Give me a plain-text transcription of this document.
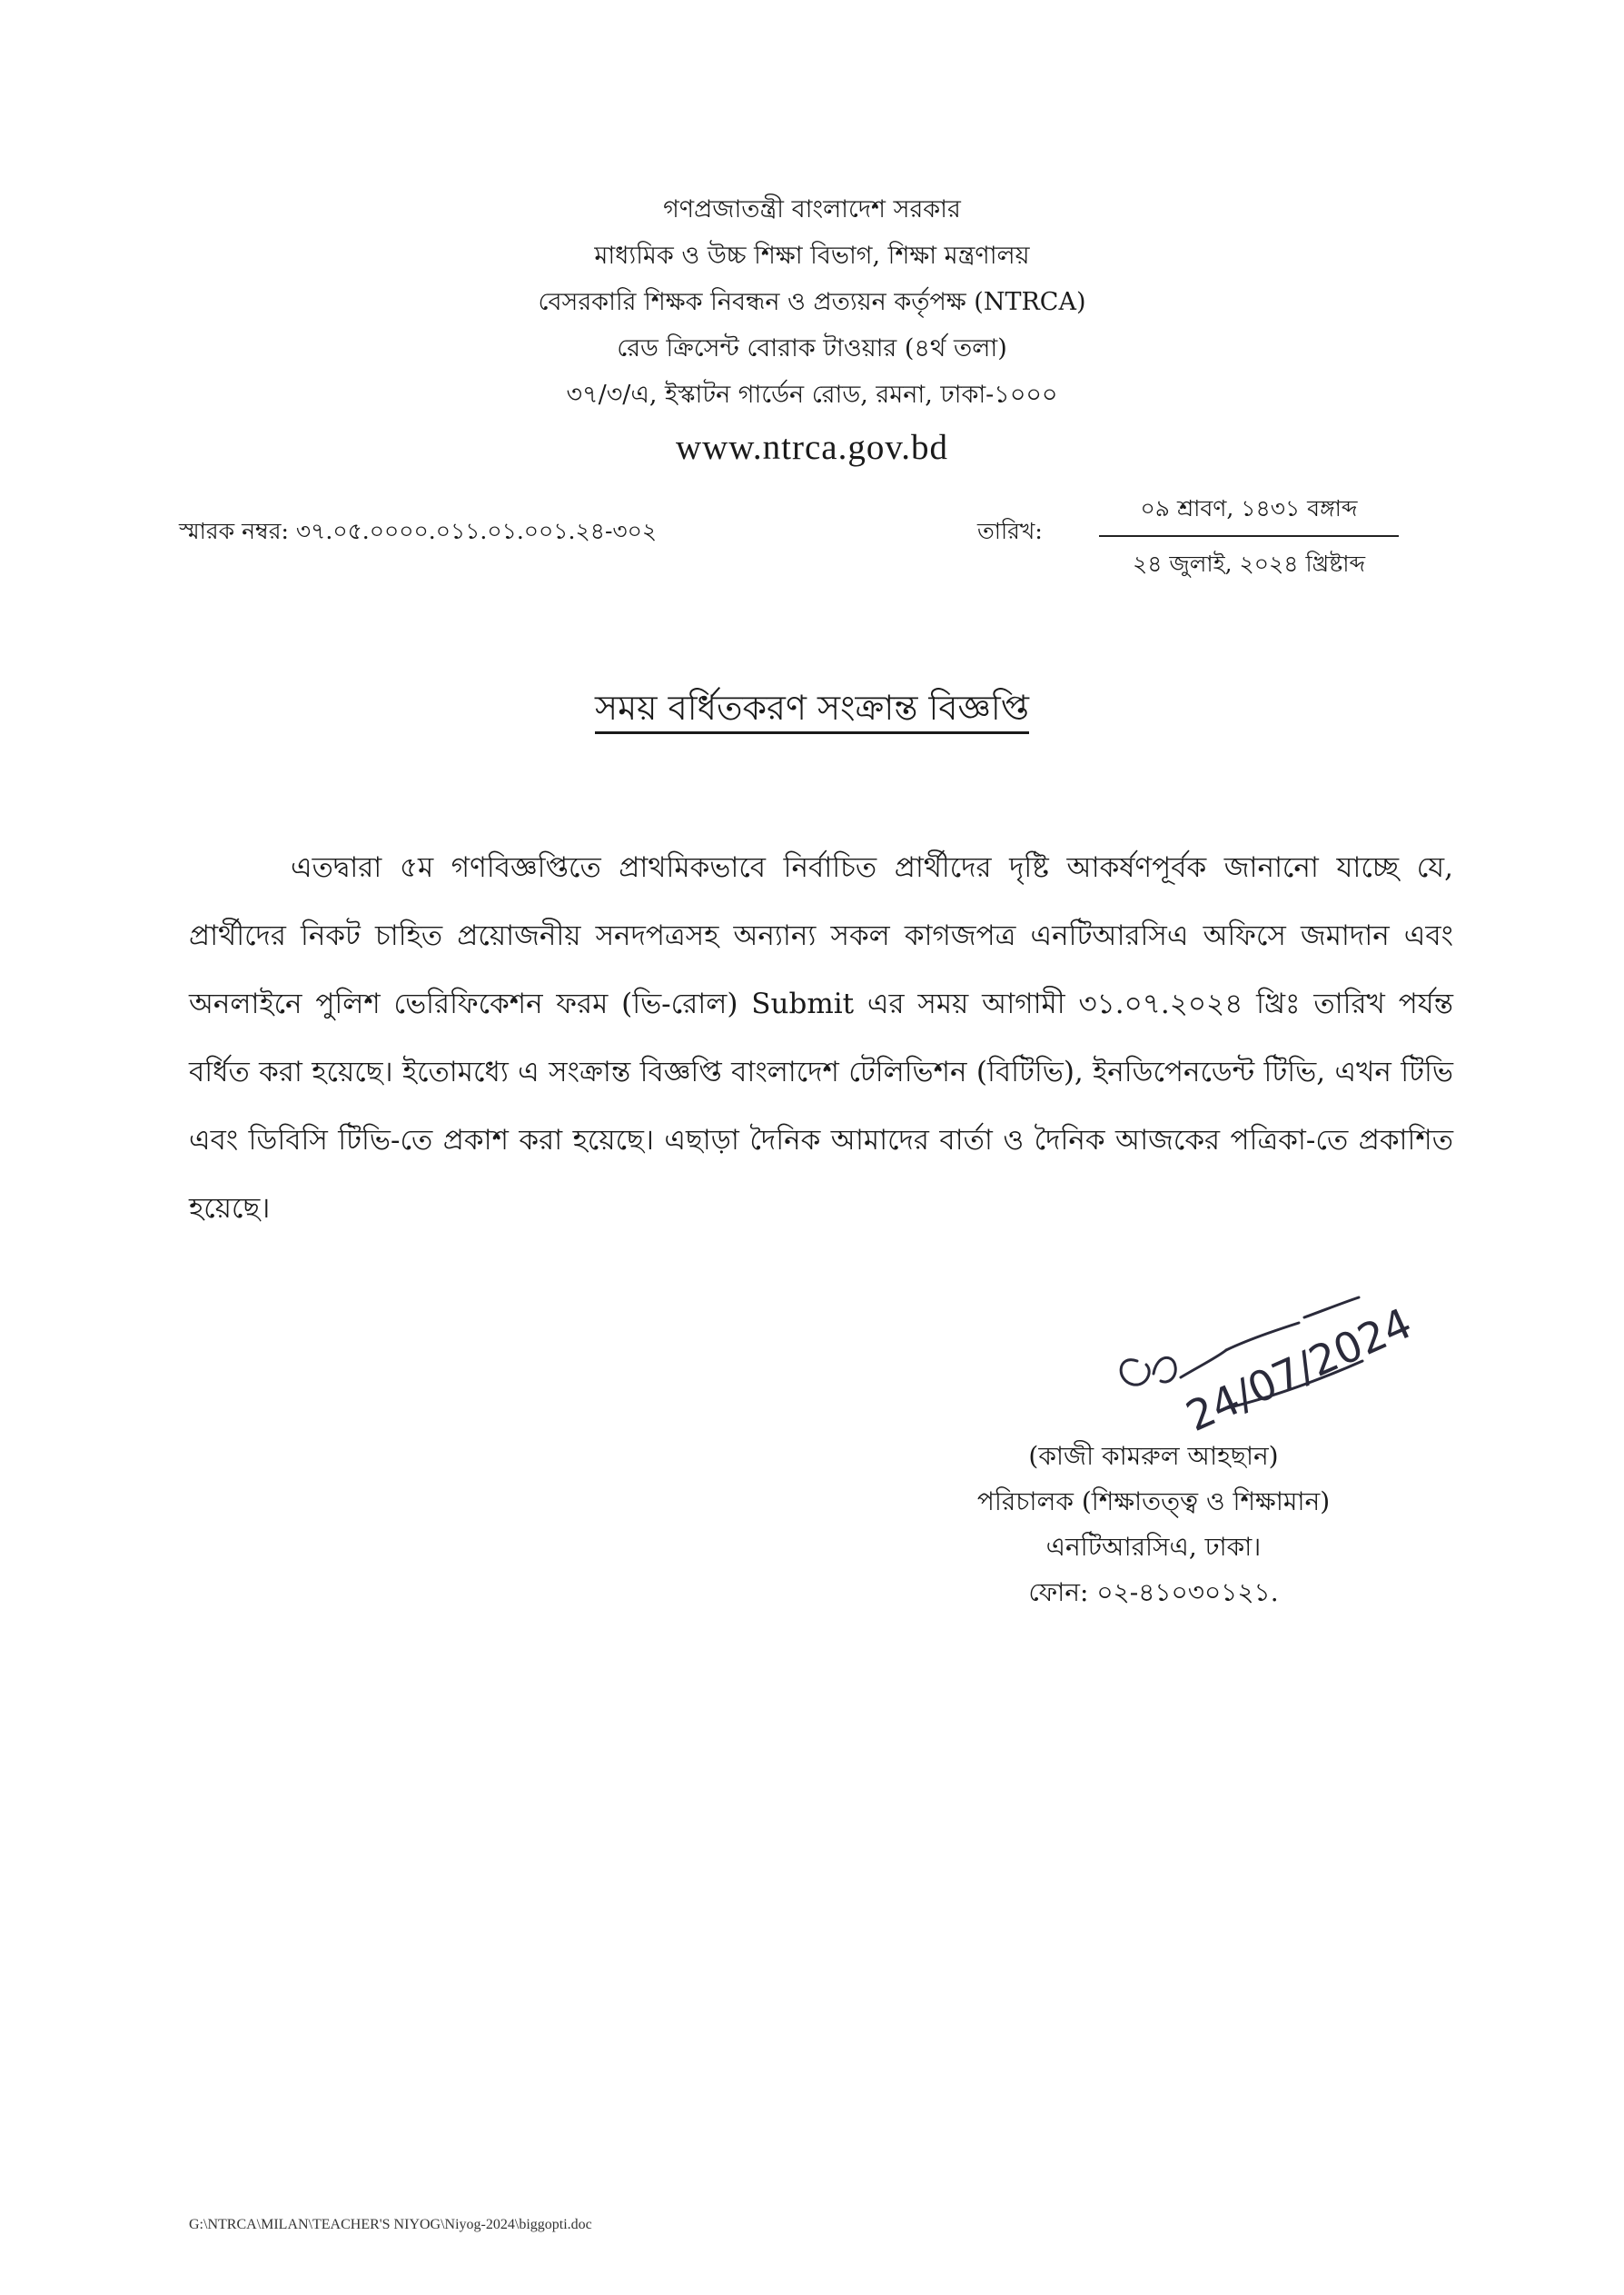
গণপ্রজাতন্ত্রী বাংলাদেশ সরকার
মাধ্যমিক ও উচ্চ শিক্ষা বিভাগ, শিক্ষা মন্ত্রণালয়
বেসরকারি শিক্ষক নিবন্ধন ও প্রত্যয়ন কর্তৃপক্ষ (NTRCA)
রেড ক্রিসেন্ট বোরাক টাওয়ার (৪র্থ তলা)
৩৭/৩/এ, ইস্কাটন গার্ডেন রোড, রমনা, ঢাকা-১০০০
www.ntrca.gov.bd
স্মারক নম্বর: ৩৭.০৫.০০০০.০১১.০১.০০১.২৪-৩০২	তারিখ:
০৯ শ্রাবণ, ১৪৩১ বঙ্গাব্দ
২৪ জুলাই, ২০২৪ খ্রিষ্টাব্দ
সময় বর্ধিতকরণ সংক্রান্ত বিজ্ঞপ্তি
এতদ্বারা ৫ম গণবিজ্ঞপ্তিতে প্রাথমিকভাবে নির্বাচিত প্রার্থীদের দৃষ্টি আকর্ষণপূর্বক জানানো যাচ্ছে যে, প্রার্থীদের নিকট চাহিত প্রয়োজনীয় সনদপত্রসহ অন্যান্য সকল কাগজপত্র এনটিআরসিএ অফিসে জমাদান এবং অনলাইনে পুলিশ ভেরিফিকেশন ফরম (ভি-রোল) Submit এর সময় আগামী ৩১.০৭.২০২৪ খ্রিঃ তারিখ পর্যন্ত বর্ধিত করা হয়েছে। ইতোমধ্যে এ সংক্রান্ত বিজ্ঞপ্তি বাংলাদেশ টেলিভিশন (বিটিভি), ইনডিপেনডেন্ট টিভি, এখন টিভি এবং ডিবিসি টিভি-তে প্রকাশ করা হয়েছে। এছাড়া দৈনিক আমাদের বার্তা ও দৈনিক আজকের পত্রিকা-তে প্রকাশিত হয়েছে।
24/07/2024
(কাজী কামরুল আহছান)
পরিচালক (শিক্ষাতত্ত্ব ও শিক্ষামান)
এনটিআরসিএ, ঢাকা।
ফোন: ০২-৪১০৩০১২১.
G:\NTRCA\MILAN\TEACHER'S NIYOG\Niyog-2024\biggopti.doc
